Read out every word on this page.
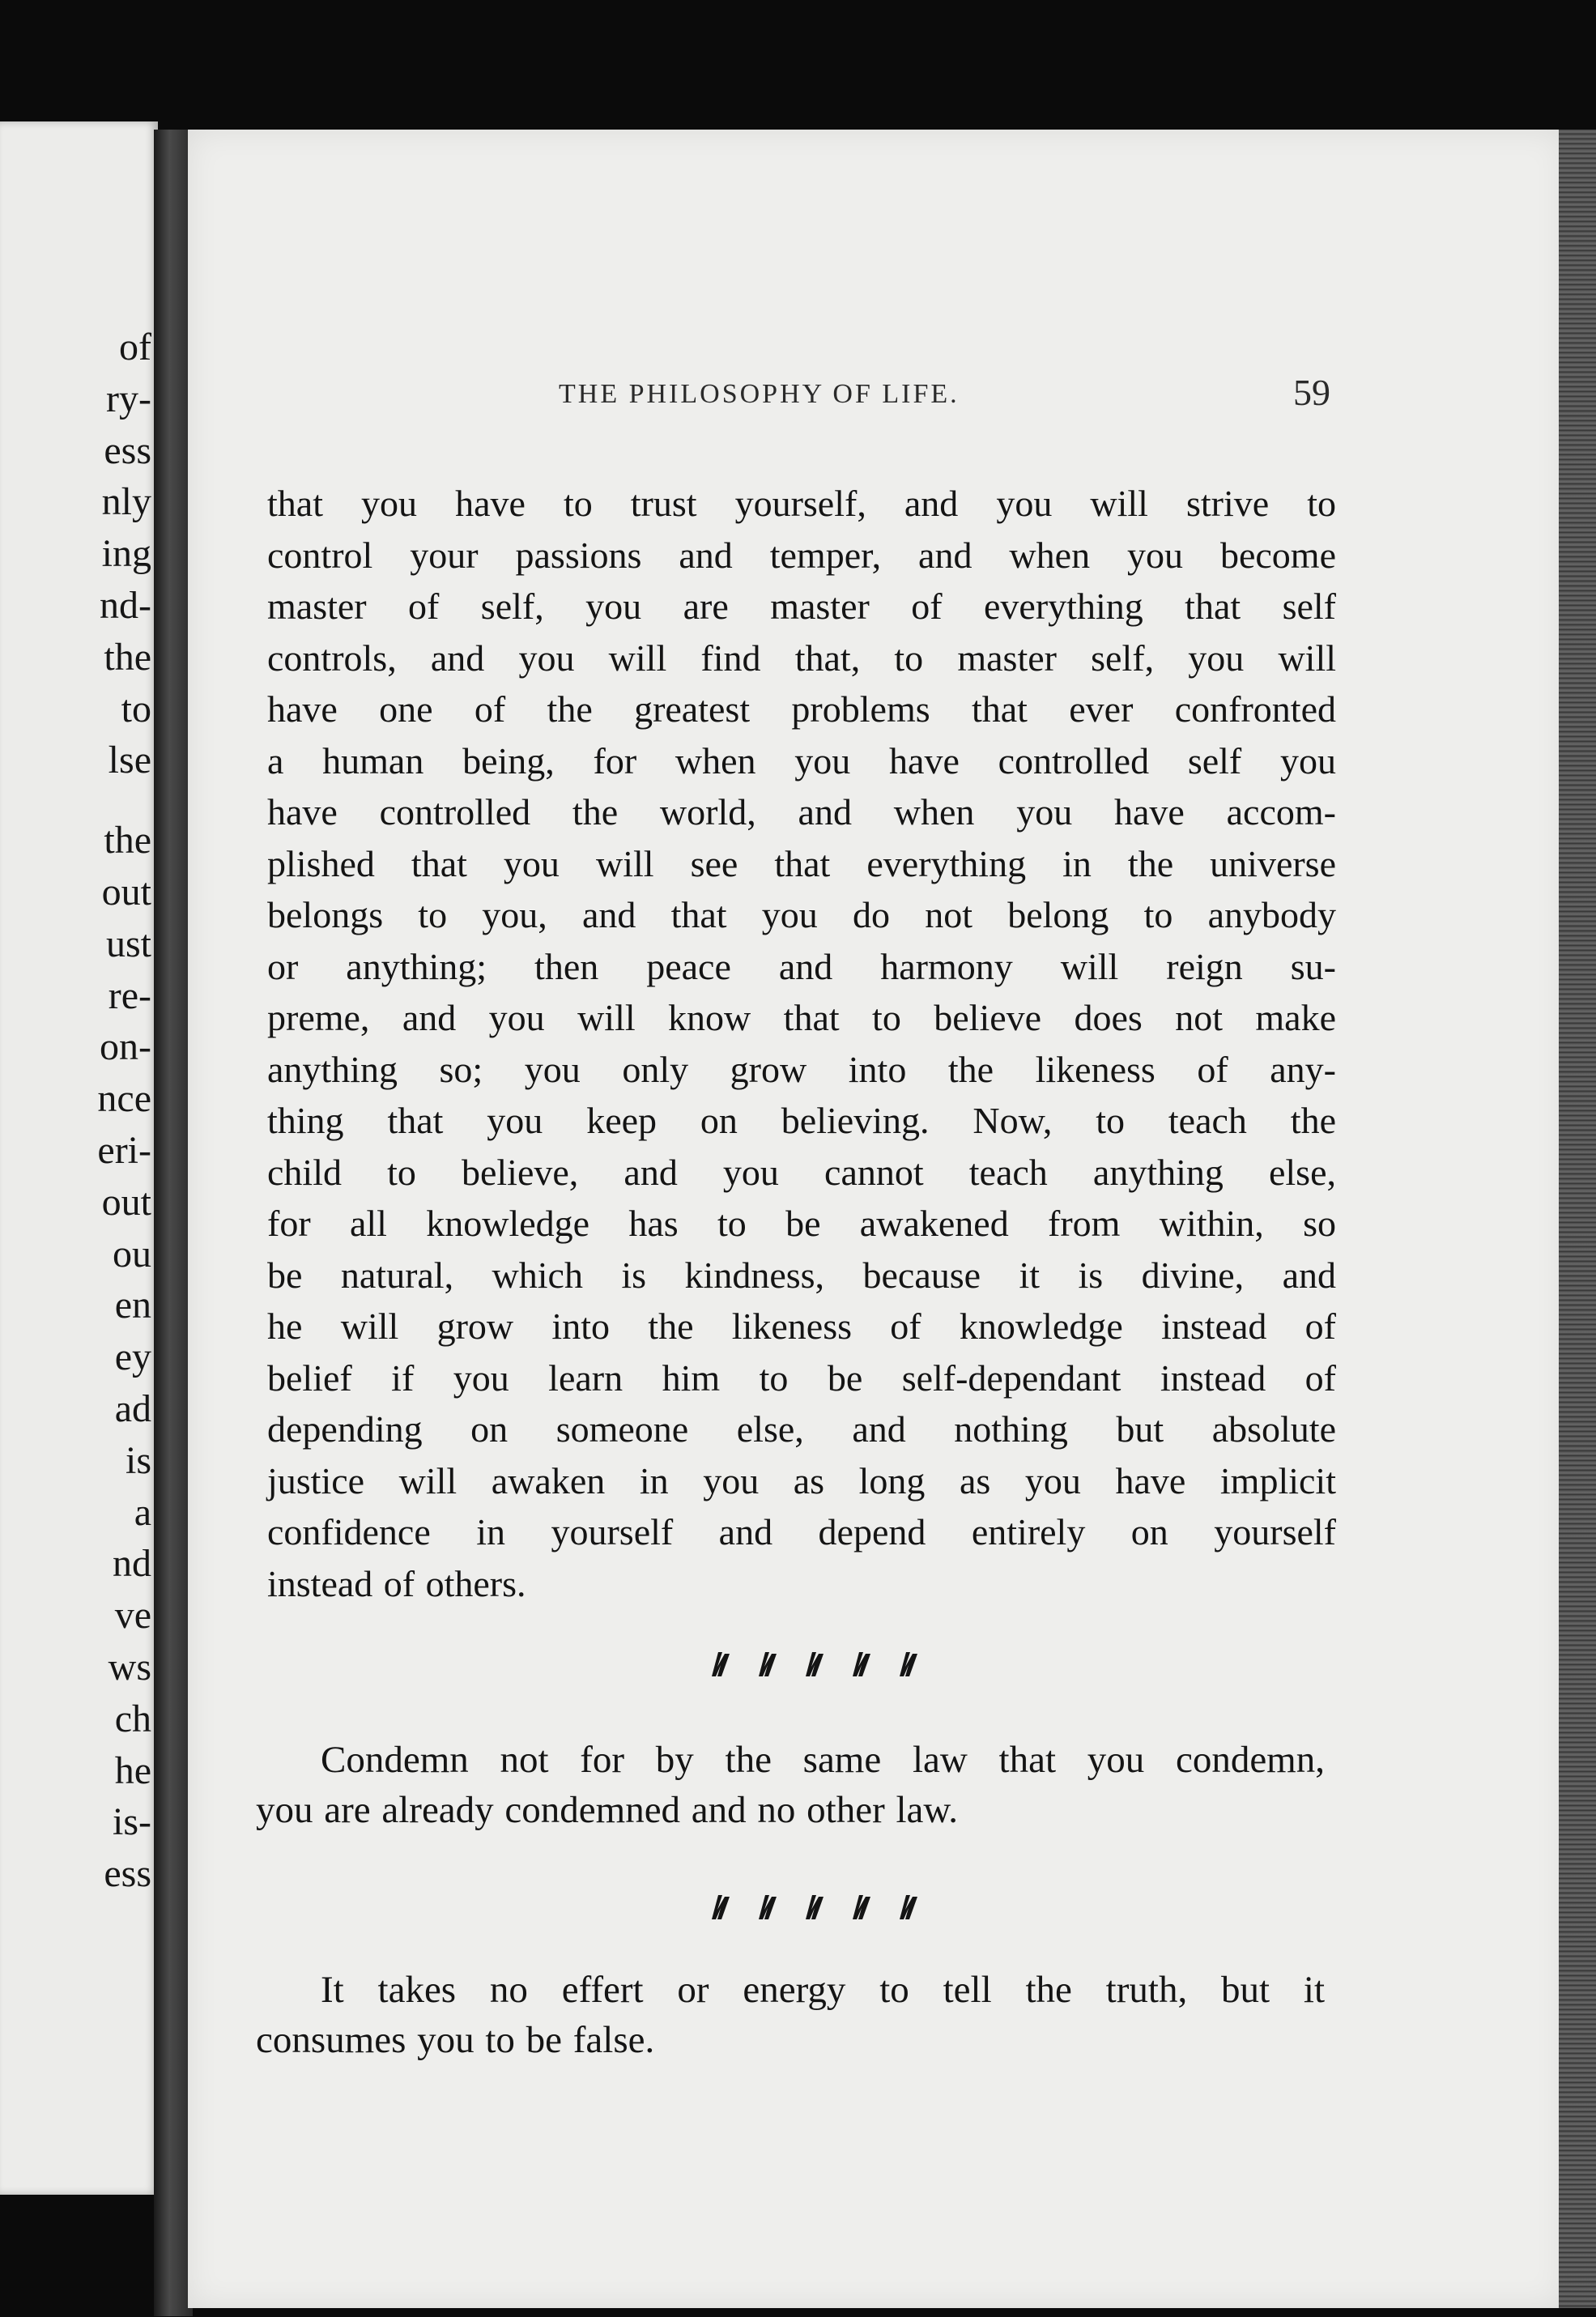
of

ry-

ess

nly

ing

nd-

the

to

lse

the

out

ust

re-

on-

nce

eri-

out

ou

en

ey

ad

is

a

nd

ve

ws

ch

he

is-

ess

THE PHILOSOPHY OF LIFE.	59

that you have to trust yourself, and you will strive to
control your passions and temper, and when you become
master of self, you are master of everything that self
controls, and you will find that, to master self, you will
have one of the greatest problems that ever confronted
a human being, for when you have controlled self you
have controlled the world, and when you have accom-
plished that you will see that everything in the universe
belongs to you, and that you do not belong to anybody
or anything; then peace and harmony will reign su-
preme, and you will know that to believe does not make
anything so; you only grow into the likeness of any-
thing that you keep on believing. Now, to teach the
child to believe, and you cannot teach anything else,
for all knowledge has to be awakened from within, so
be natural, which is kindness, because it is divine, and
he will grow into the likeness of knowledge instead of
belief if you learn him to be self-dependant instead of
depending on someone else, and nothing but absolute
justice will awaken in you as long as you have implicit
confidence in yourself and depend entirely on yourself
instead of others.
Condemn not for by the same law that you condemn,
you are already condemned and no other law.
It takes no effert or energy to tell the truth, but it
consumes you to be false.
